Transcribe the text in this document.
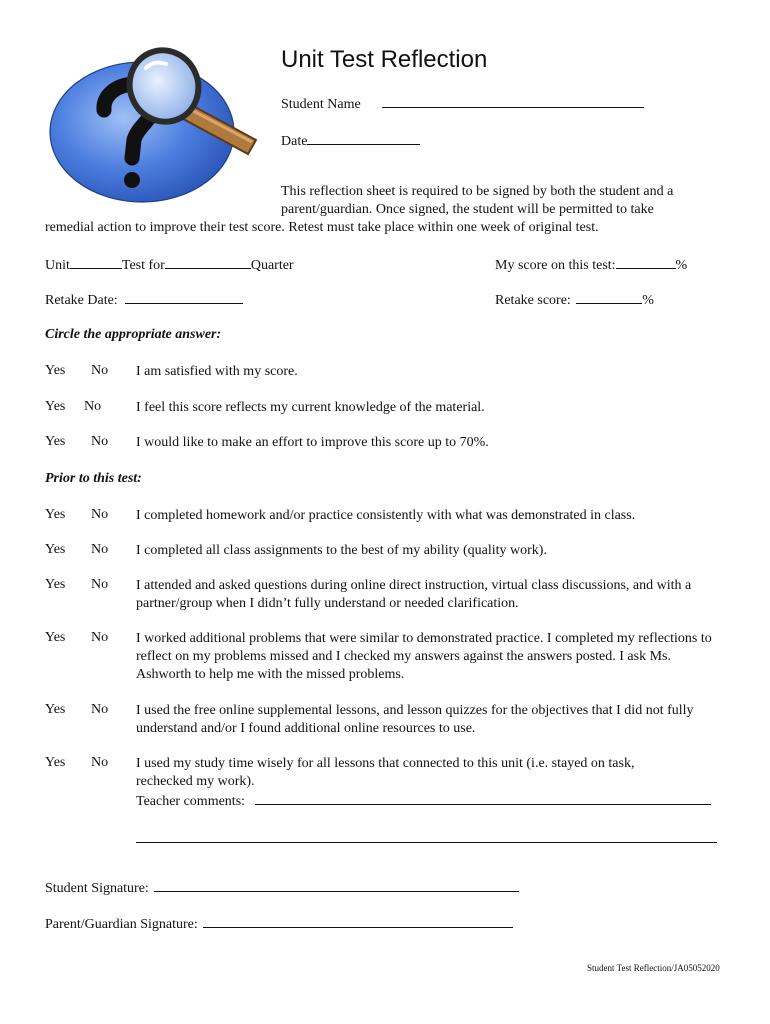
Unit Test Reflection
Student Name
Date
This reflection sheet is required to be signed by both the student and a
parent/guardian. Once signed, the student will be permitted to take
remedial action to improve their test score. Retest must take place within one week of original test.
Unit	Test for	Quarter	My score on this test:	%
Retake Date:	Retake score:	%
Circle the appropriate answer:
Yes No I am satisfied with my score.
Yes No I feel this score reflects my current knowledge of the material.
Yes No I would like to make an effort to improve this score up to 70%.
Prior to this test:
Yes No I completed homework and/or practice consistently with what was demonstrated in class.
Yes No I completed all class assignments to the best of my ability (quality work).
Yes No I attended and asked questions during online direct instruction, virtual class discussions, and with a partner/group when I didn’t fully understand or needed clarification.
Yes No I worked additional problems that were similar to demonstrated practice. I completed my reflections to reflect on my problems missed and I checked my answers against the answers posted. I ask Ms. Ashworth to help me with the missed problems.
Yes No I used the free online supplemental lessons, and lesson quizzes for the objectives that I did not fully understand and/or I found additional online resources to use.
Yes No I used my study time wisely for all lessons that connected to this unit (i.e. stayed on task, rechecked my work).
Teacher comments:
Student Signature:
Parent/Guardian Signature:
Student Test Reflection/JA05052020
